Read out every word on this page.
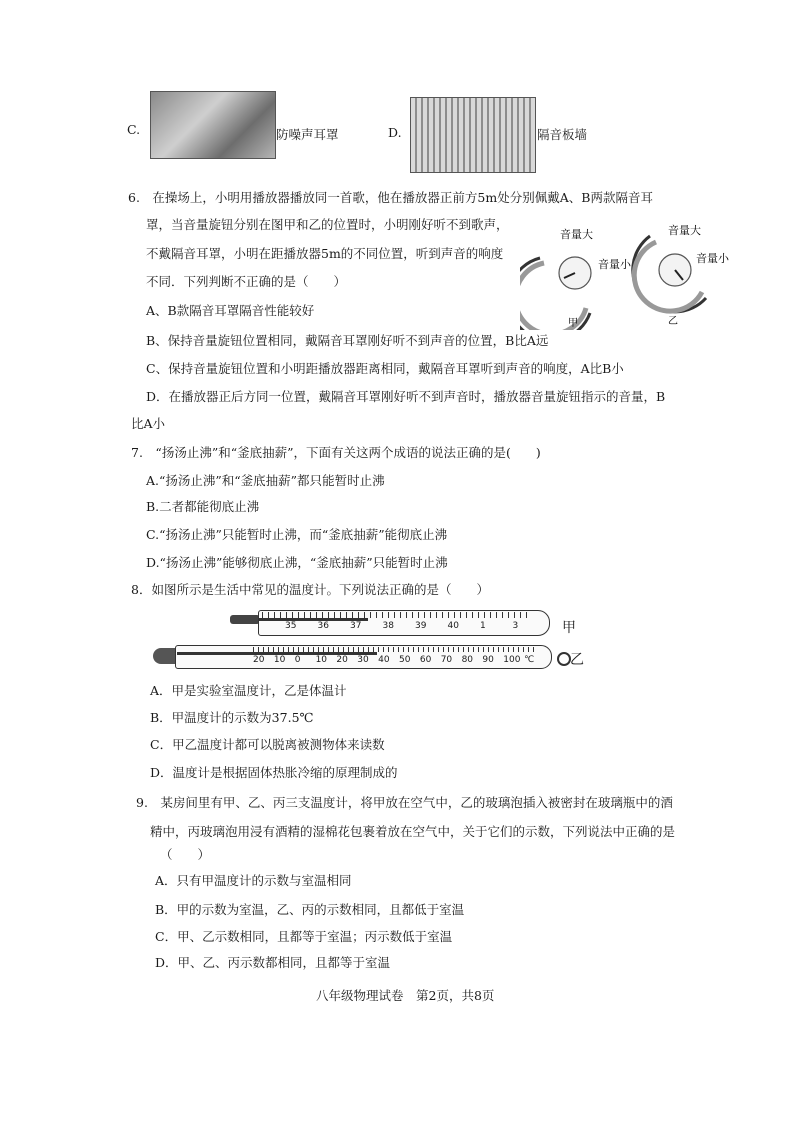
C.	防噪声耳罩	D.	隔音板墙
6.　在操场上，小明用播放器播放同一首歌，他在播放器正前方5m处分别佩戴A、B两款隔音耳
罩，当音量旋钮分别在图甲和乙的位置时，小明刚好听不到歌声，
不戴隔音耳罩，小明在距播放器5m的不同位置，听到声音的响度
不同．下列判断不正确的是（　　）
音量大
音量小
甲
音量大
音量小
乙
A、B款隔音耳罩隔音性能较好
B、保持音量旋钮位置相同，戴隔音耳罩刚好听不到声音的位置，B比A远
C、保持音量旋钮位置和小明距播放器距离相同，戴隔音耳罩听到声音的响度，A比B小
D．在播放器正后方同一位置，戴隔音耳罩刚好听不到声音时，播放器音量旋钮指示的音量，B
比A小
7.　“扬汤止沸”和“釜底抽薪”，下面有关这两个成语的说法正确的是(　　)
A.“扬汤止沸”和“釜底抽薪”都只能暂时止沸
B.二者都能彻底止沸
C.“扬汤止沸”只能暂时止沸，而“釜底抽薪”能彻底止沸
D.“扬汤止沸”能够彻底止沸，“釜底抽薪”只能暂时止沸
8．如图所示是生活中常见的温度计。下列说法正确的是（　　）
35 36 37 38 39 40 1	3	甲
20 10 0 10 20 30 40 50 60 70 80 90 100 ℃	乙
A．甲是实验室温度计，乙是体温计
B．甲温度计的示数为37.5℃
C．甲乙温度计都可以脱离被测物体来读数
D．温度计是根据固体热胀冷缩的原理制成的
9.　某房间里有甲、乙、丙三支温度计，将甲放在空气中，乙的玻璃泡插入被密封在玻璃瓶中的酒
精中，丙玻璃泡用浸有酒精的湿棉花包裹着放在空气中，关于它们的示数，下列说法中正确的是
（　　）
A．只有甲温度计的示数与室温相同
B．甲的示数为室温，乙、丙的示数相同，且都低于室温
C．甲、乙示数相同，且都等于室温；丙示数低于室温
D．甲、乙、丙示数都相同，且都等于室温
八年级物理试卷　第2页，共8页
